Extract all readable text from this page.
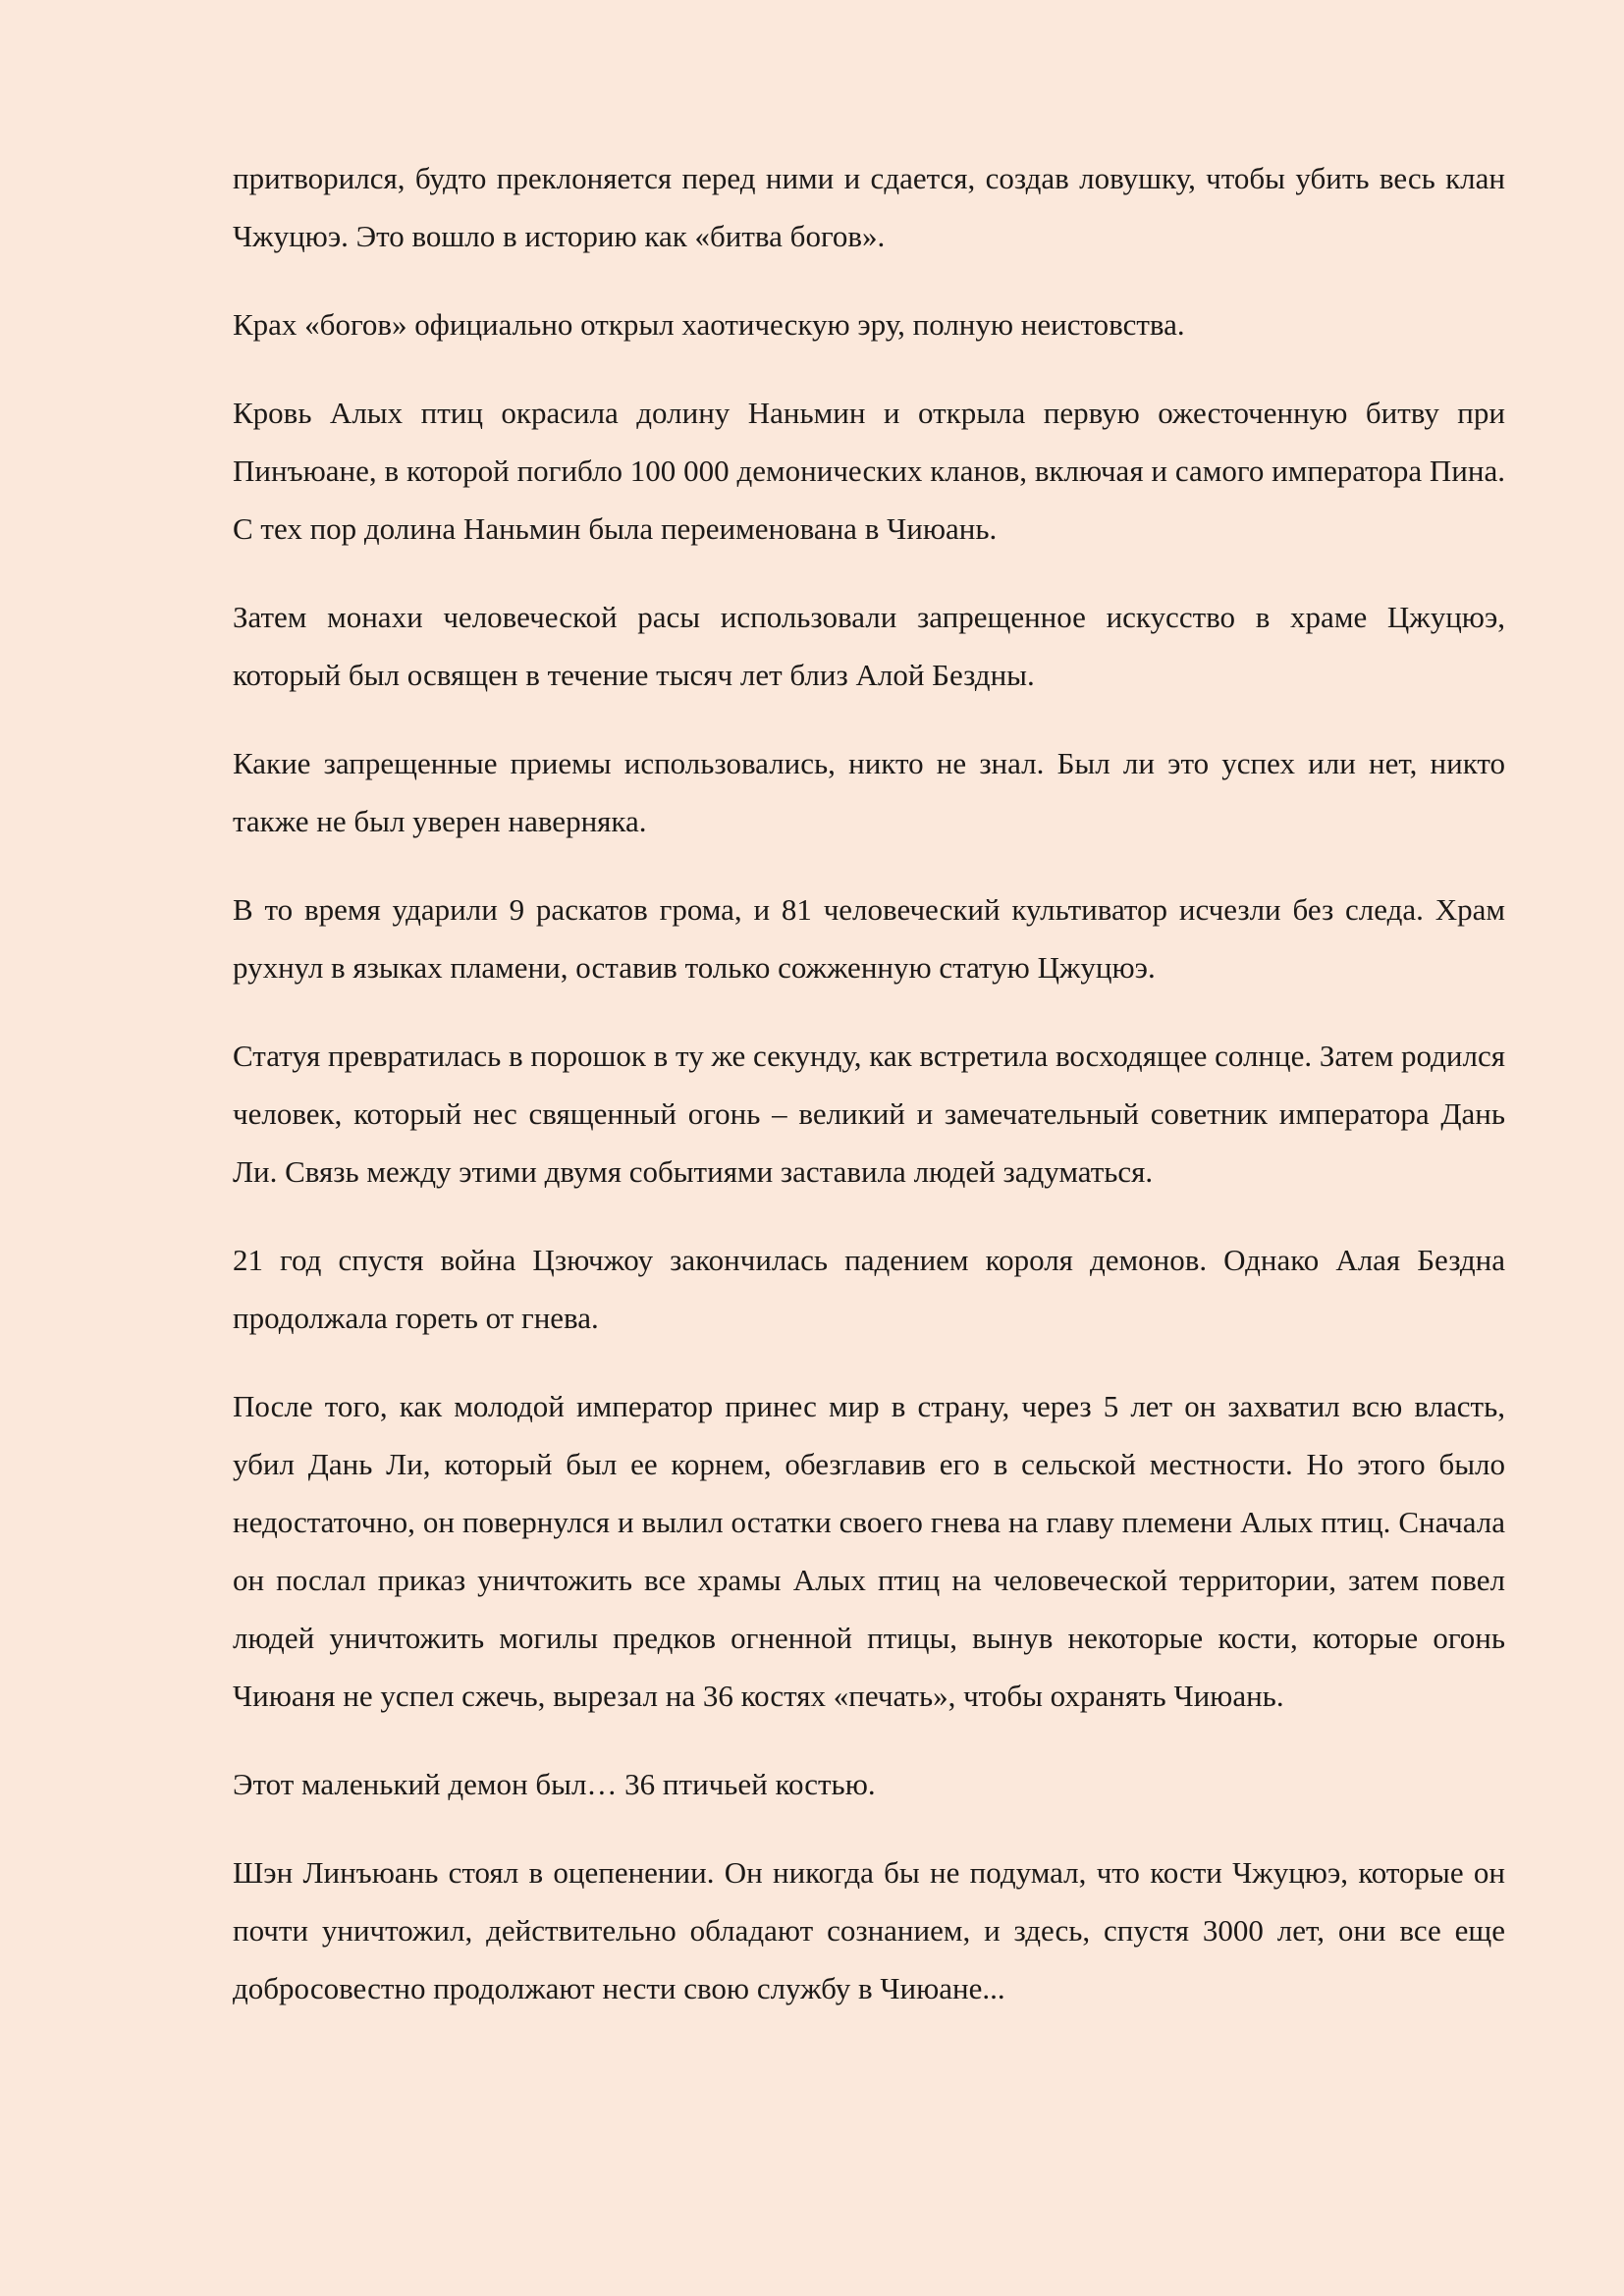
притворился, будто преклоняется перед ними и сдается, создав ловушку, чтобы убить весь клан Чжуцюэ. Это вошло в историю как «битва богов».

Крах «богов» официально открыл хаотическую эру, полную неистовства.

Кровь Алых птиц окрасила долину Наньмин и открыла первую ожесточенную битву при Пинъюане, в которой погибло 100 000 демонических кланов, включая и самого императора Пина. С тех пор долина Наньмин была переименована в Чиюань.

Затем монахи человеческой расы использовали запрещенное искусство в храме Цжуцюэ, который был освящен в течение тысяч лет близ Алой Бездны.

Какие запрещенные приемы использовались, никто не знал. Был ли это успех или нет, никто также не был уверен наверняка.

В то время ударили 9 раскатов грома, и 81 человеческий культиватор исчезли без следа. Храм рухнул в языках пламени, оставив только сожженную статую Цжуцюэ.

Статуя превратилась в порошок в ту же секунду, как встретила восходящее солнце. Затем родился человек, который нес священный огонь – великий и замечательный советник императора Дань Ли. Связь между этими двумя событиями заставила людей задуматься.

21 год спустя война Цзючжоу закончилась падением короля демонов. Однако Алая Бездна продолжала гореть от гнева.

После того, как молодой император принес мир в страну, через 5 лет он захватил всю власть, убил Дань Ли, который был ее корнем, обезглавив его в сельской местности. Но этого было недостаточно, он повернулся и вылил остатки своего гнева на главу племени Алых птиц. Сначала он послал приказ уничтожить все храмы Алых птиц на человеческой территории, затем повел людей уничтожить могилы предков огненной птицы, вынув некоторые кости, которые огонь Чиюаня не успел сжечь, вырезал на 36 костях «печать», чтобы охранять Чиюань.

Этот маленький демон был… 36 птичьей костью.

Шэн Линъюань стоял в оцепенении. Он никогда бы не подумал, что кости Чжуцюэ, которые он почти уничтожил, действительно обладают сознанием, и здесь, спустя 3000 лет, они все еще добросовестно продолжают нести свою службу в Чиюане...
